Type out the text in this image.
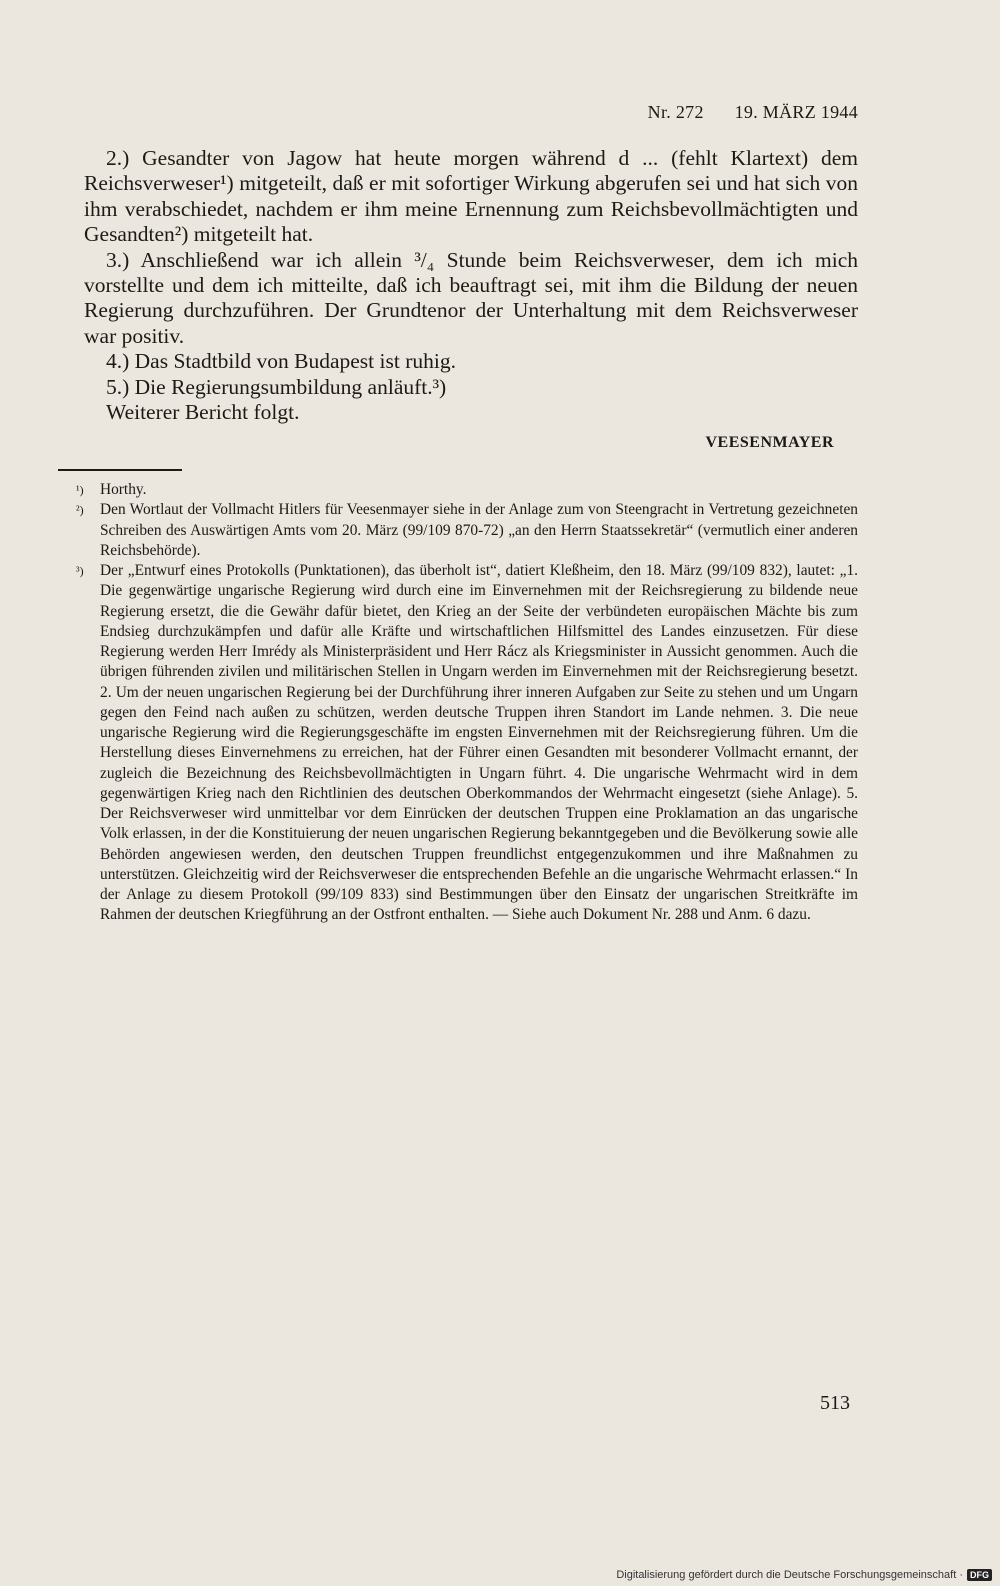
Nr. 272 19. MÄRZ 1944

2.) Gesandter von Jagow hat heute morgen während d ... (fehlt Klartext) dem Reichsverweser¹) mitgeteilt, daß er mit sofortiger Wirkung abgerufen sei und hat sich von ihm verabschiedet, nachdem er ihm meine Ernennung zum Reichsbevollmächtigten und Gesandten²) mitgeteilt hat.

3.) Anschließend war ich allein ³/₄ Stunde beim Reichsverweser, dem ich mich vorstellte und dem ich mitteilte, daß ich beauftragt sei, mit ihm die Bildung der neuen Regierung durchzuführen. Der Grundtenor der Unterhaltung mit dem Reichsverweser war positiv.

4.) Das Stadtbild von Budapest ist ruhig.

5.) Die Regierungsumbildung anläuft.³)

Weiterer Bericht folgt.

VEESENMAYER
¹) Horthy.
²) Den Wortlaut der Vollmacht Hitlers für Veesenmayer siehe in der Anlage zum von Steengracht in Vertretung gezeichneten Schreiben des Auswärtigen Amts vom 20. März (99/109 870-72) „an den Herrn Staatssekretär“ (vermutlich einer anderen Reichsbehörde).
³) Der „Entwurf eines Protokolls (Punktationen), das überholt ist“, datiert Kleßheim, den 18. März (99/109 832), lautet: „1. Die gegenwärtige ungarische Regierung wird durch eine im Einvernehmen mit der Reichsregierung zu bildende neue Regierung ersetzt, die die Gewähr dafür bietet, den Krieg an der Seite der verbündeten europäischen Mächte bis zum Endsieg durchzukämpfen und dafür alle Kräfte und wirtschaftlichen Hilfsmittel des Landes einzusetzen. Für diese Regierung werden Herr Imrédy als Ministerpräsident und Herr Rácz als Kriegsminister in Aussicht genommen. Auch die übrigen führenden zivilen und militärischen Stellen in Ungarn werden im Einvernehmen mit der Reichsregierung besetzt. 2. Um der neuen ungarischen Regierung bei der Durchführung ihrer inneren Aufgaben zur Seite zu stehen und um Ungarn gegen den Feind nach außen zu schützen, werden deutsche Truppen ihren Standort im Lande nehmen. 3. Die neue ungarische Regierung wird die Regierungsgeschäfte im engsten Einvernehmen mit der Reichsregierung führen. Um die Herstellung dieses Einvernehmens zu erreichen, hat der Führer einen Gesandten mit besonderer Vollmacht ernannt, der zugleich die Bezeichnung des Reichsbevollmächtigten in Ungarn führt. 4. Die ungarische Wehrmacht wird in dem gegenwärtigen Krieg nach den Richtlinien des deutschen Oberkommandos der Wehrmacht eingesetzt (siehe Anlage). 5. Der Reichsverweser wird unmittelbar vor dem Einrücken der deutschen Truppen eine Proklamation an das ungarische Volk erlassen, in der die Konstituierung der neuen ungarischen Regierung bekanntgegeben und die Bevölkerung sowie alle Behörden angewiesen werden, den deutschen Truppen freundlichst entgegenzukommen und ihre Maßnahmen zu unterstützen. Gleichzeitig wird der Reichsverweser die entsprechenden Befehle an die ungarische Wehrmacht erlassen.“ In der Anlage zu diesem Protokoll (99/109 833) sind Bestimmungen über den Einsatz der ungarischen Streitkräfte im Rahmen der deutschen Kriegführung an der Ostfront enthalten. — Siehe auch Dokument Nr. 288 und Anm. 6 dazu.
513
Digitalisierung gefördert durch die Deutsche Forschungsgemeinschaft · DFG
